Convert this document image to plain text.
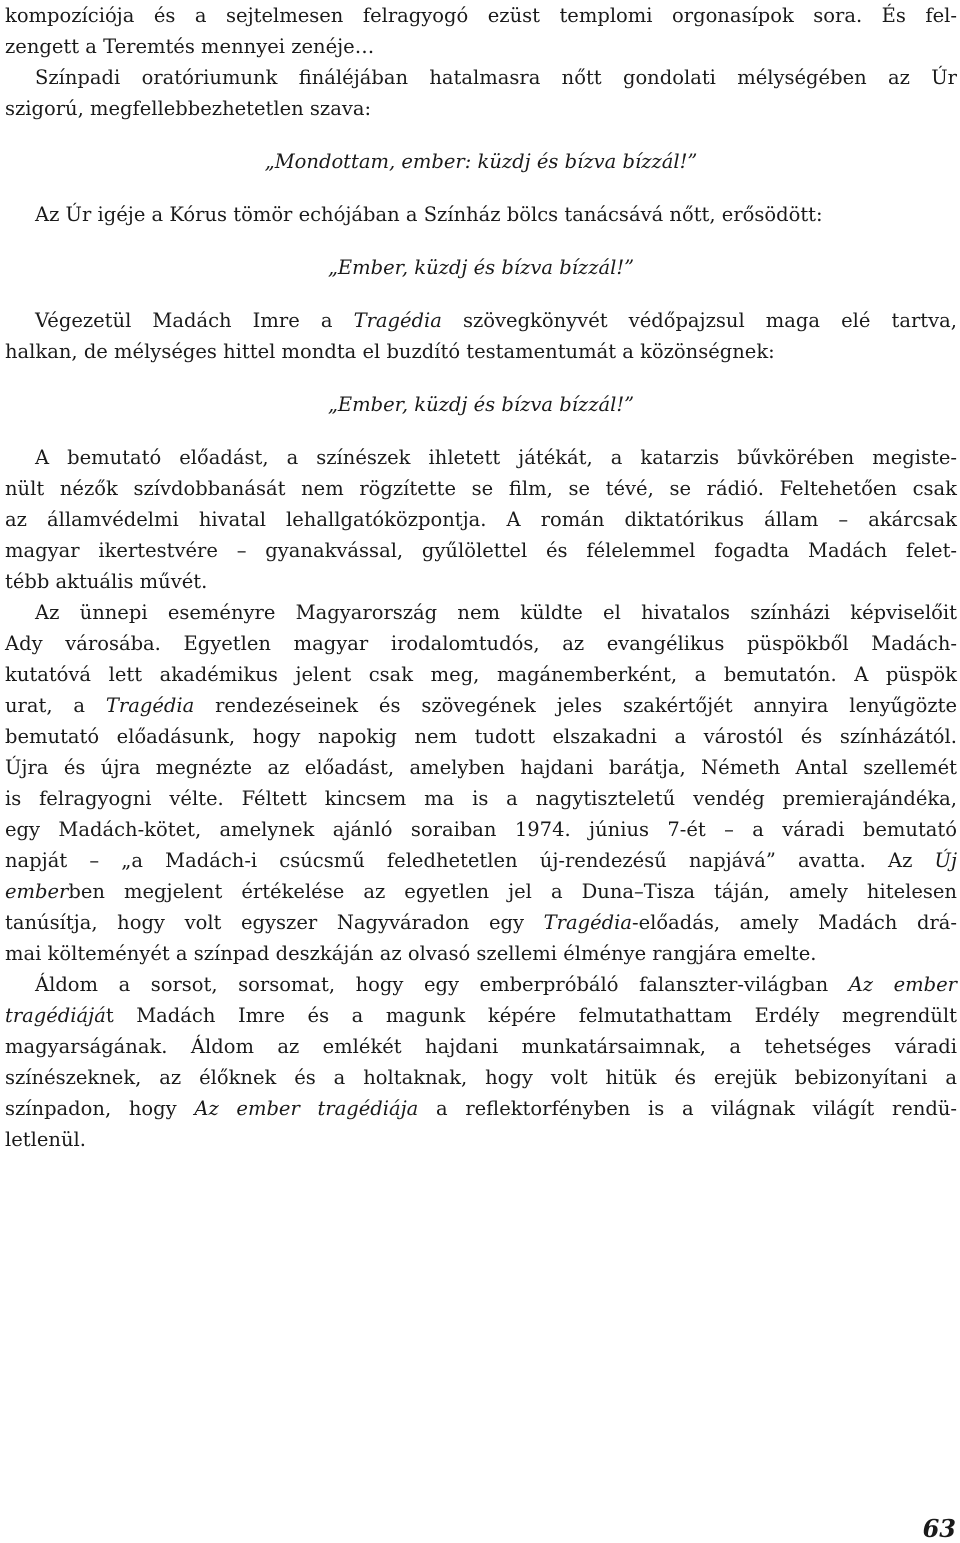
kompozíciója és a sejtelmesen felragyogó ezüst templomi orgonasípok sora. És fel-
zengett a Teremtés mennyei zenéje…
Színpadi oratóriumunk fináléjában hatalmasra nőtt gondolati mélységében az Úr
szigorú, megfellebbezhetetlen szava:
„Mondottam, ember: küzdj és bízva bízzál!”
Az Úr igéje a Kórus tömör echójában a Színház bölcs tanácsává nőtt, erősödött:
„Ember, küzdj és bízva bízzál!”
Végezetül Madách Imre a Tragédia szövegkönyvét védőpajzsul maga elé tartva,
halkan, de mélységes hittel mondta el buzdító testamentumát a közönségnek:
„Ember, küzdj és bízva bízzál!”
A bemutató előadást, a színészek ihletett játékát, a katarzis bűvkörében megiste-
nült nézők szívdobbanását nem rögzítette se film, se tévé, se rádió. Feltehetően csak
az államvédelmi hivatal lehallgatóközpontja. A román diktatórikus állam – akárcsak
magyar ikertestvére – gyanakvással, gyűlölettel és félelemmel fogadta Madách felet-
tébb aktuális művét.
Az ünnepi eseményre Magyarország nem küldte el hivatalos színházi képviselőit
Ady városába. Egyetlen magyar irodalomtudós, az evangélikus püspökből Madách-
kutatóvá lett akadémikus jelent csak meg, magánemberként, a bemutatón. A püspök
urat, a Tragédia rendezéseinek és szövegének jeles szakértőjét annyira lenyűgözte
bemutató előadásunk, hogy napokig nem tudott elszakadni a várostól és színházától.
Újra és újra megnézte az előadást, amelyben hajdani barátja, Németh Antal szellemét
is felragyogni vélte. Féltett kincsem ma is a nagytiszteletű vendég premierajándéka,
egy Madách-kötet, amelynek ajánló soraiban 1974. június 7-ét – a váradi bemutató
napját – „a Madách-i csúcsmű feledhetetlen új-rendezésű napjává” avatta. Az Új
emberben megjelent értékelése az egyetlen jel a Duna–Tisza táján, amely hitelesen
tanúsítja, hogy volt egyszer Nagyváradon egy Tragédia-előadás, amely Madách drá-
mai költeményét a színpad deszkáján az olvasó szellemi élménye rangjára emelte.
Áldom a sorsot, sorsomat, hogy egy emberpróbáló falanszter-világban Az ember
tragédiáját Madách Imre és a magunk képére felmutathattam Erdély megrendült
magyarságának. Áldom az emlékét hajdani munkatársaimnak, a tehetséges váradi
színészeknek, az élőknek és a holtaknak, hogy volt hitük és erejük bebizonyítani a
színpadon, hogy Az ember tragédiája a reflektorfényben is a világnak világít rendü-
letlenül.
63
